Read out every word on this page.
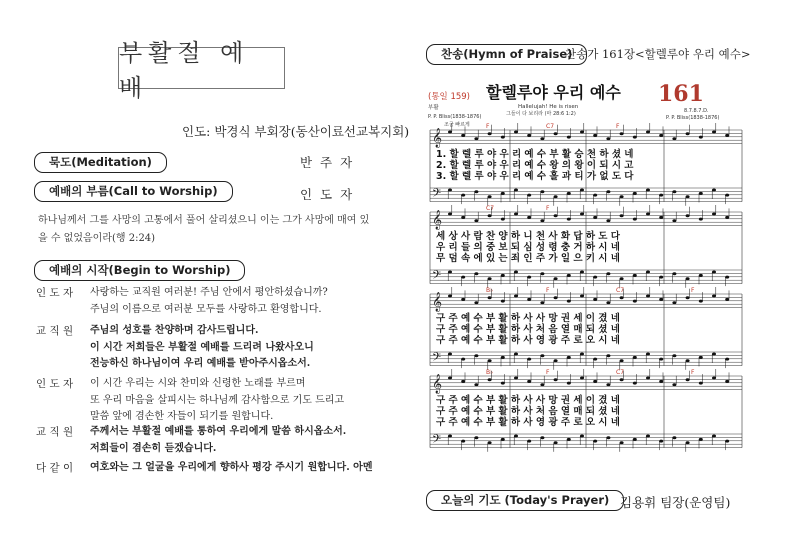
부활절 예 배
인도: 박경식 부회장(동산이료선교복지회)
묵도(Meditation)	반 주 자
예배의 부름(Call to Worship)	인 도 자
하나님께서 그를 사망의 고통에서 풀어 살리셨으니 이는 그가 사망에 매여 있
을 수 없었음이라(행 2:24)
예배의 시작(Begin to Worship)
인 도 자	사랑하는 교직원 여러분! 주님 안에서 평안하셨습니까?
주님의 이름으로 여러분 모두를 사랑하고 환영합니다.
교 직 원	주님의 성호를 찬양하며 감사드립니다.
이 시간 저희들은 부활절 예배를 드리려 나왔사오니
전능하신 하나님이여 우리 예배를 받아주시옵소서.
인 도 자	이 시간 우리는 시와 찬미와 신령한 노래를 부르며
또 우리 마음을 살피시는 하나님께 감사함으로 기도 드리고
말씀 앞에 겸손한 자들이 되기를 원합니다.
교 직 원	주께서는 부활절 예배를 통하여 우리에게 말씀 하시옵소서.
저희들이 겸손히 듣겠습니다.
다 같 이	여호와는 그 얼굴을 우리에게 향하사 평강 주시기 원합니다. 아멘
찬송(Hymn of Praise)
찬송가 161장<할렐루야 우리 예수>
(통일 159)
부활
P. P. Bliss(1838-1876)
할렐루야 우리 예수
Hallelujah! He is risen
그들이 다 보리라 (마 28:6 1:2)
조금 빠르게
161
8.7.8.7.D.
P. P. Bliss(1838-1876)
𝄞
𝄢
F	C7	F
1. 할 렐 루 야 우 리 예 수 부 활 승 천 하 셨 네
2. 할 렐 루 야 우 리 예 수 왕 의 왕 이 되 시 고
3. 할 렐 루 야 우 리 예 수 홀 과 티 가 없 도 다
𝄞
𝄢
C7	F
세 상 사 람 찬 양 하 니 천 사 화 답 하 도 다
우 리 들 의 중 보 되 심 성 령 충 거 하 시 네
무 덤 속 에 있 는 죄 인 주 가 일 으 키 시 네
𝄞
𝄢
B♭	F	C7	F
구 주 예 수 부 활 하 사 사 망 권 세 이 겼 네
구 주 예 수 부 활 하 사 처 음 열 매 되 셨 네
구 주 예 수 부 활 하 사 영 광 주 로 오 시 네
𝄞
𝄢
B♭	F	C7	F
구 주 예 수 부 활 하 사 사 망 권 세 이 겼 네
구 주 예 수 부 활 하 사 처 음 열 매 되 셨 네
구 주 예 수 부 활 하 사 영 광 주 로 오 시 네
오늘의 기도 (Today's Prayer) 김용휘 팀장(운영팀)
